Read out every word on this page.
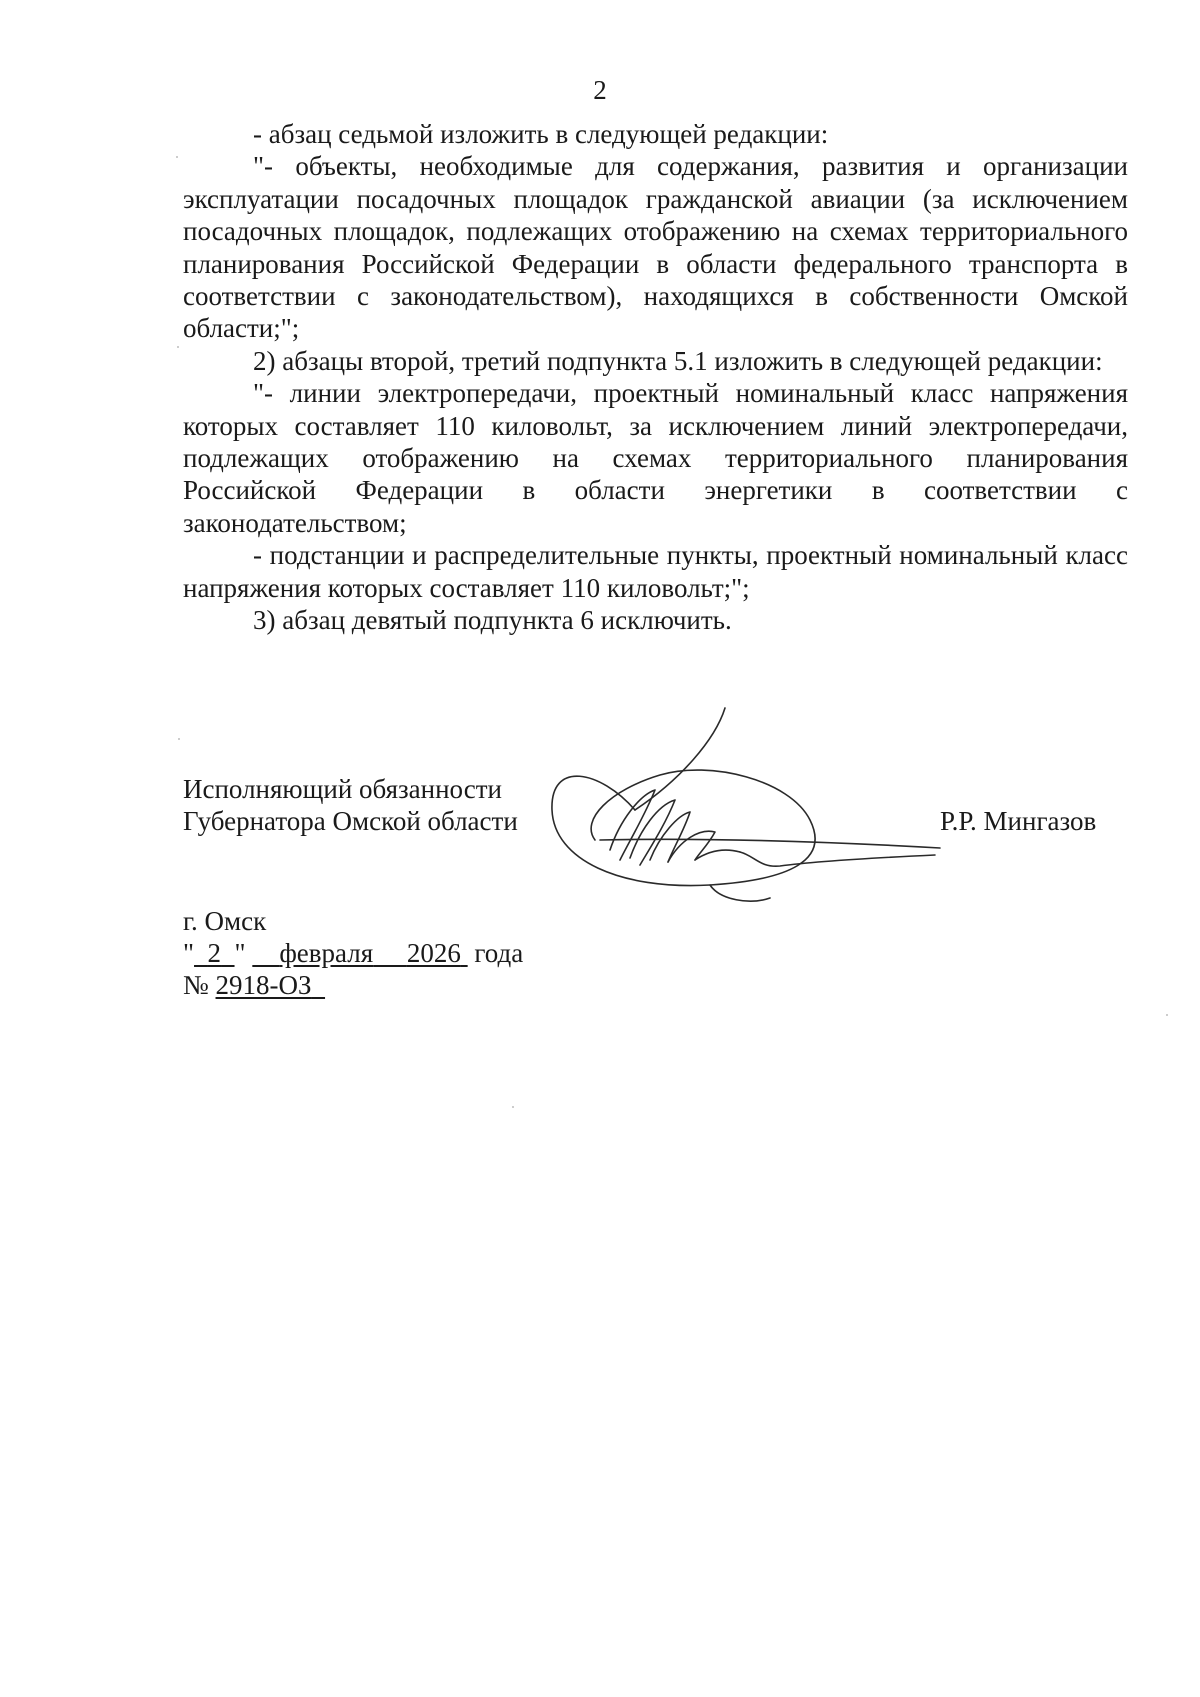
2

- абзац седьмой изложить в следующей редакции:

"- объекты, необходимые для содержания, развития и организации эксплуатации посадочных площадок гражданской авиации (за исключением посадочных площадок, подлежащих отображению на схемах территориального планирования Российской Федерации в области федерального транспорта в соответствии с законодательством), находящихся в собственности Омской области;";

2) абзацы второй, третий подпункта 5.1 изложить в следующей редакции:

"- линии электропередачи, проектный номинальный класс напряжения которых составляет 110 киловольт, за исключением линий электропередачи, подлежащих отображению на схемах территориального планирования Российской Федерации в области энергетики в соответствии с законодательством;

- подстанции и распределительные пункты, проектный номинальный класс напряжения которых составляет 110 киловольт;";

3) абзац девятый подпункта 6 исключить.

Исполняющий обязанности

Губернатора Омской области	Р.Р. Мингазов

г. Омск

" 2 " февраля 2026 года

№ 2918-ОЗ
